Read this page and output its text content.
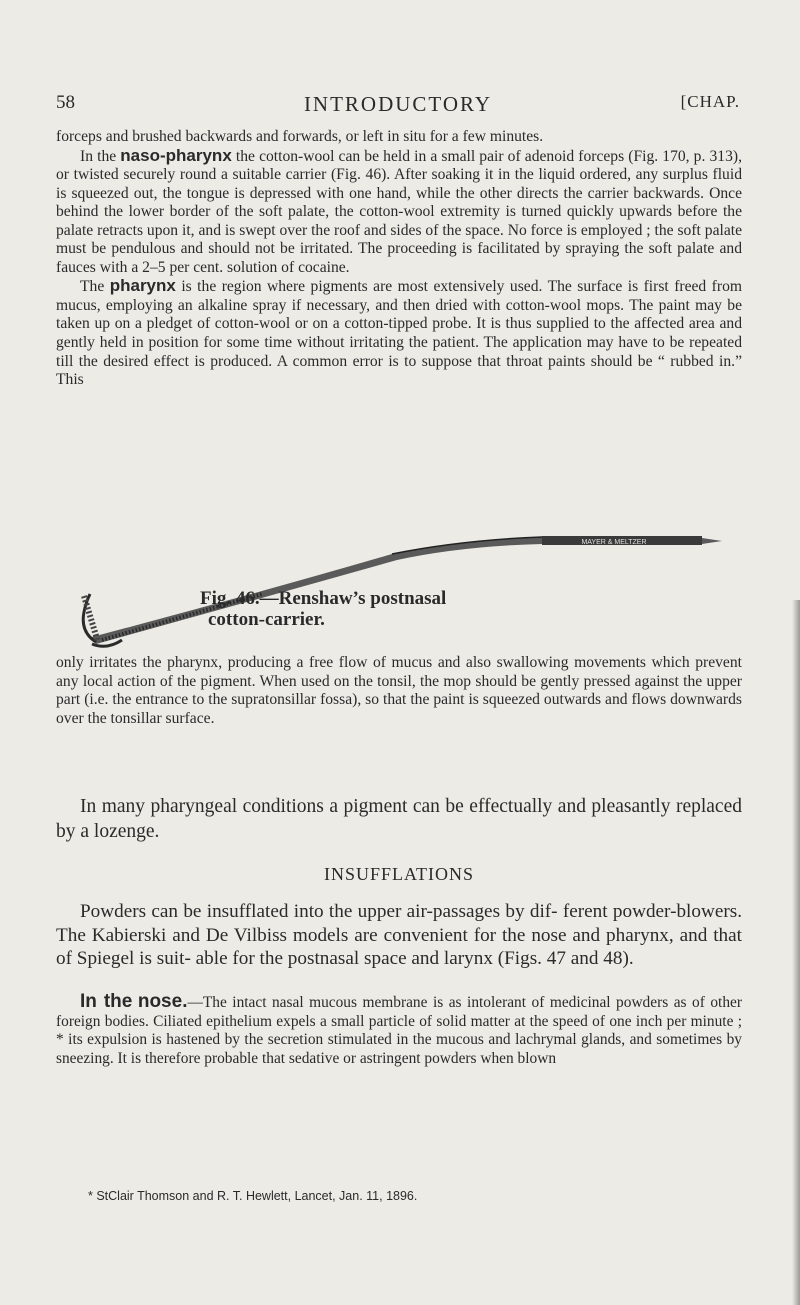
58	INTRODUCTORY	[CHAP.

forceps and brushed backwards and forwards, or left in situ for a few minutes.

In the naso-pharynx the cotton-wool can be held in a small pair of adenoid forceps (Fig. 170, p. 313), or twisted securely round a suitable carrier (Fig. 46). After soaking it in the liquid ordered, any surplus fluid is squeezed out, the tongue is depressed with one hand, while the other directs the carrier backwards. Once behind the lower border of the soft palate, the cotton-wool extremity is turned quickly upwards before the palate retracts upon it, and is swept over the roof and sides of the space. No force is employed ; the soft palate must be pendulous and should not be irritated. The proceeding is facilitated by spraying the soft palate and fauces with a 2–5 per cent. solution of cocaine.

The pharynx is the region where pigments are most extensively used. The surface is first freed from mucus, employing an alkaline spray if necessary, and then dried with cotton-wool mops. The paint may be taken up on a pledget of cotton-wool or on a cotton-tipped probe. It is thus supplied to the affected area and gently held in position for some time without irritating the patient. The application may have to be repeated till the desired effect is produced. A common error is to suppose that throat paints should be “ rubbed in.” This

MAYER & MELTZER
Fig. 46.—Renshaw’s postnasal
cotton-carrier.

only irritates the pharynx, producing a free flow of mucus and also swallowing movements which prevent any local action of the pigment. When used on the tonsil, the mop should be gently pressed against the upper part (i.e. the entrance to the supratonsillar fossa), so that the paint is squeezed outwards and flows downwards over the tonsillar surface.

In many pharyngeal conditions a pigment can be effectually and pleasantly replaced by a lozenge.

INSUFFLATIONS

Powders can be insufflated into the upper air-passages by dif- ferent powder-blowers. The Kabierski and De Vilbiss models are convenient for the nose and pharynx, and that of Spiegel is suit- able for the postnasal space and larynx (Figs. 47 and 48).

In the nose.—The intact nasal mucous membrane is as intolerant of medicinal powders as of other foreign bodies. Ciliated epithelium expels a small particle of solid matter at the speed of one inch per minute ; * its expulsion is hastened by the secretion stimulated in the mucous and lachrymal glands, and sometimes by sneezing. It is therefore probable that sedative or astringent powders when blown

* StClair Thomson and R. T. Hewlett, Lancet, Jan. 11, 1896.
